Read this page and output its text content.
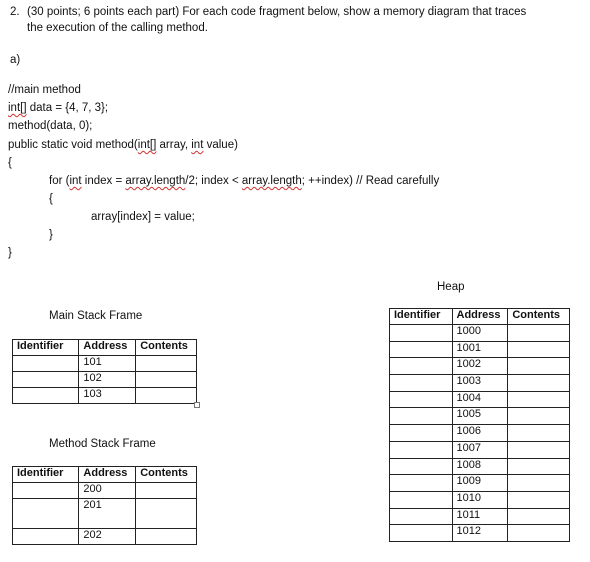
2. (30 points; 6 points each part) For each code fragment below, show a memory diagram that traces
the execution of the calling method.
a)
//main method
int[] data = {4, 7, 3};
method(data, 0);
public static void method(int[] array, int value)
{
for (int index = array.length/2; index < array.length; ++index) // Read carefully
{
array[index] = value;
}
}
Main Stack Frame
Identifier	Address	Contents
	101	
	102	
	103	
Method Stack Frame
Identifier	Address	Contents
	200	
	201	
	202	
Heap
Identifier	Address	Contents
	1000	
	1001	
	1002	
	1003	
	1004	
	1005	
	1006	
	1007	
	1008	
	1009	
	1010	
	1011	
	1012	
